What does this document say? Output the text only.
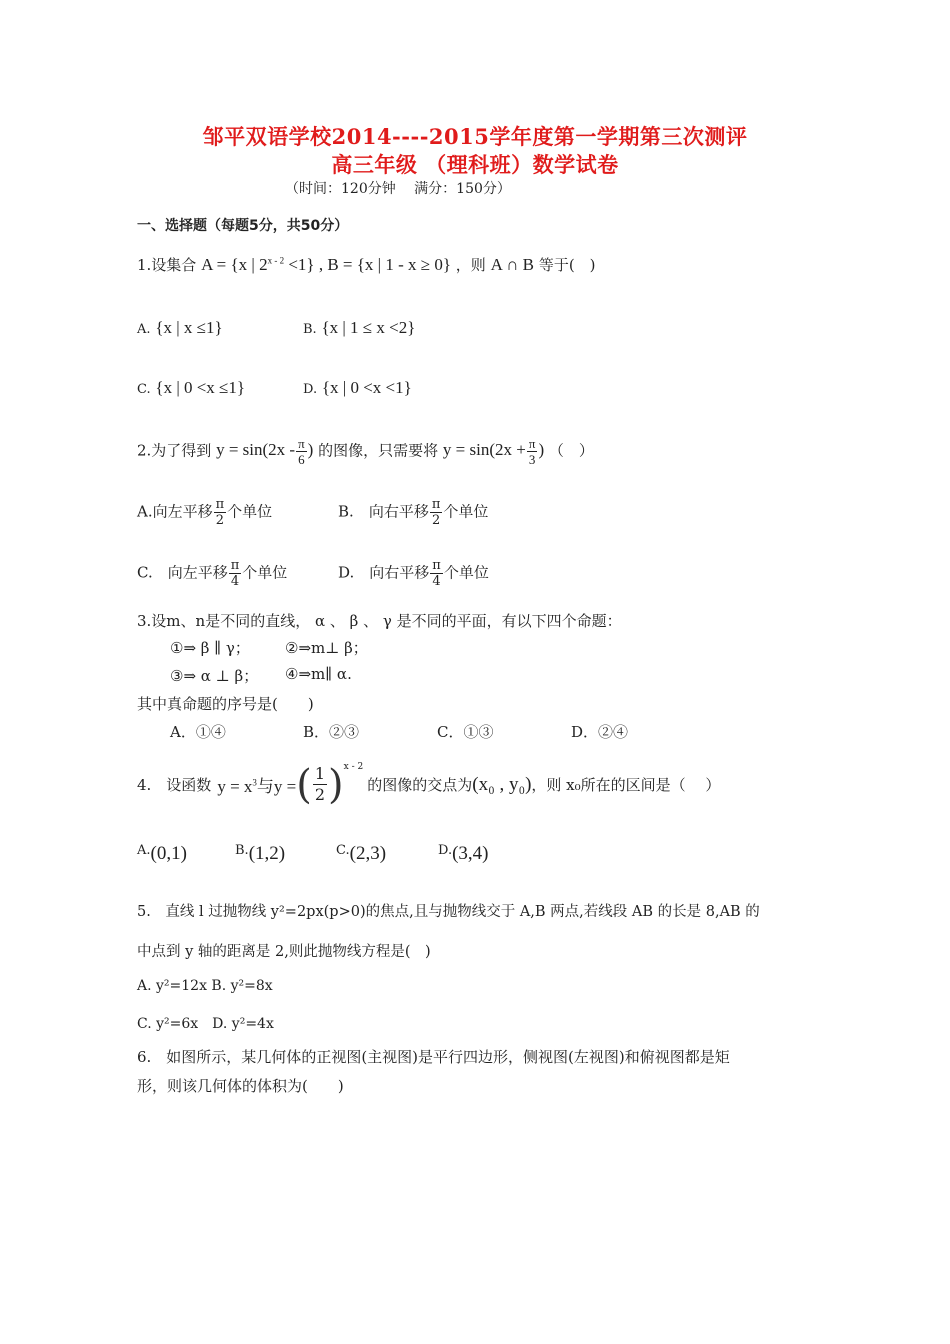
邹平双语学校2014----2015学年度第一学期第三次测评
高三年级 （理科班）数学试卷
（时间：120分钟　 满分：150分）
一、选择题（每题5分，共50分）
1.设集合 A = {x | $2^{x - 2} <1$} , B = {x | 1 - x ≥ 0} ，则 A ∩ B 等于(　)
A. {x | x ≤1}	B. {x | 1 ≤ x <2}
C. {x | 0 <x ≤1}	D. {x | 0 <x <1}
2.为了得到 $y = \sin(2x - \frac{\pi}{6}$ ) 的图像，只需要将 $y = \sin(2x + \frac{\pi}{3}$ ) （　）
A.向左平移 $\frac{\pi}{2}$ 个单位	B.　 向右平移 $\frac{\pi}{2}$ 个单位
C.　 向左平移 $\frac{\pi}{4}$ 个单位	D.　 向右平移 $\frac{\pi}{4}$ 个单位
3.设m、n是不同的直线， α 、 β 、 γ 是不同的平面，有以下四个命题：
①⇒ β ∥ γ； ②⇒m⊥ β；
③⇒ α ⊥ β； ④⇒m∥ α.
其中真命题的序号是(　　)
A．①④	B．②③	C．①③	D．②④
4.　设函数 $y = x^3$与y = ( $\frac{1}{2} )^{x - 2}$
的图像的交点为 (x₀ , y₀) ，则 x₀所在的区间是（　 ）
A.(0,1)	B.(1,2)	C.(2,3)	D.(3,4)
5.　直线 l 过抛物线 y²=2px(p>0)的焦点,且与抛物线交于 A,B 两点,若线段 AB 的长是 8,AB 的
中点到 y 轴的距离是 2,则此抛物线方程是(　)
A. y²=12x B. y²=8x
C. y²=6x　D. y²=4x
6.　如图所示，某几何体的正视图(主视图)是平行四边形，侧视图(左视图)和俯视图都是矩
形，则该几何体的体积为(　　)
